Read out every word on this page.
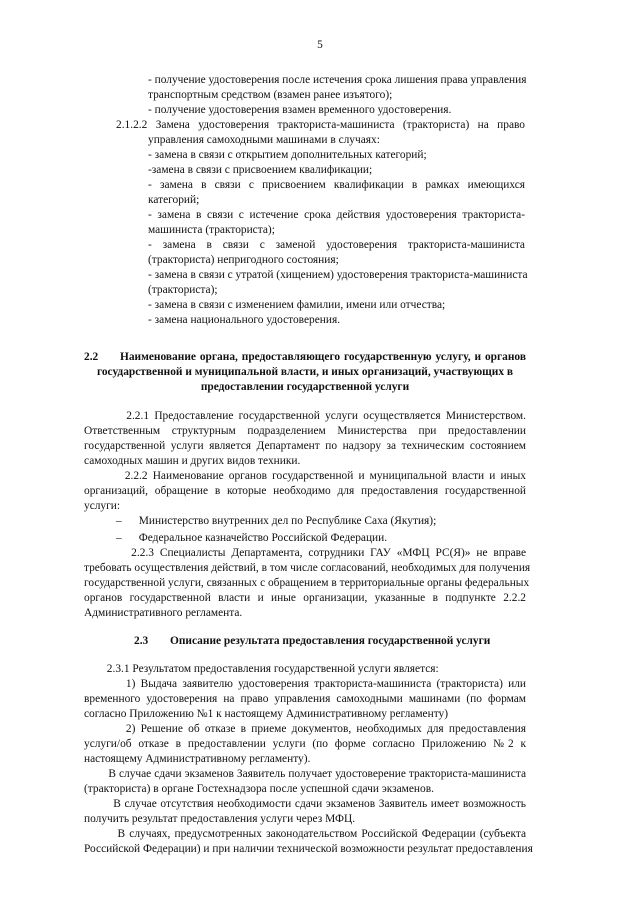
5
- получение удостоверения после истечения срока лишения права управления
транспортным средством (взамен ранее изъятого);
- получение удостоверения взамен временного удостоверения.
2.1.2.2 Замена удостоверения тракториста-машиниста (тракториста) на право
управления самоходными машинами в случаях:
- замена в связи с открытием дополнительных категорий;
-замена в связи с присвоением квалификации;
- замена в связи с присвоением квалификации в рамках имеющихся
категорий;
- замена в связи с истечение срока действия удостоверения тракториста-
машиниста (тракториста);
- замена в связи с заменой удостоверения тракториста-машиниста
(тракториста) непригодного состояния;
- замена в связи с утратой (хищением) удостоверения тракториста-машиниста
(тракториста);
- замена в связи с изменением фамилии, имени или отчества;
- замена национального удостоверения.
2.2 Наименование органа, предоставляющего государственную услугу, и органов
государственной и муниципальной власти, и иных организаций, участвующих в
предоставлении государственной услуги
2.2.1 Предоставление государственной услуги осуществляется Министерством.
Ответственным структурным подразделением Министерства при предоставлении
государственной услуги является Департамент по надзору за техническим состоянием
самоходных машин и других видов техники.
2.2.2 Наименование органов государственной и муниципальной власти и иных
организаций, обращение в которые необходимо для предоставления государственной
услуги:
–      Министерство внутренних дел по Республике Саха (Якутия);
–      Федеральное казначейство Российской Федерации.
2.2.3 Специалисты Департамента, сотрудники ГАУ «МФЦ РС(Я)» не вправе
требовать осуществления действий, в том числе согласований, необходимых для получения
государственной услуги, связанных с обращением в территориальные органы федеральных
органов государственной власти и иные организации, указанные в подпункте 2.2.2
Административного регламента.
2.3 Описание результата предоставления государственной услуги
2.3.1 Результатом предоставления государственной услуги является:
1) Выдача заявителю удостоверения тракториста-машиниста (тракториста) или
временного удостоверения на право управления самоходными машинами (по формам
согласно Приложению №1 к настоящему Административному регламенту)
2) Решение об отказе в приеме документов, необходимых для предоставления
услуги/об отказе в предоставлении услуги (по форме согласно Приложению №2 к
настоящему Административному регламенту).
В случае сдачи экзаменов Заявитель получает удостоверение тракториста-машиниста
(тракториста) в органе Гостехнадзора после успешной сдачи экзаменов.
В случае отсутствия необходимости сдачи экзаменов Заявитель имеет возможность
получить результат предоставления услуги через МФЦ.
В случаях, предусмотренных законодательством Российской Федерации (субъекта
Российской Федерации) и при наличии технической возможности результат предоставления
